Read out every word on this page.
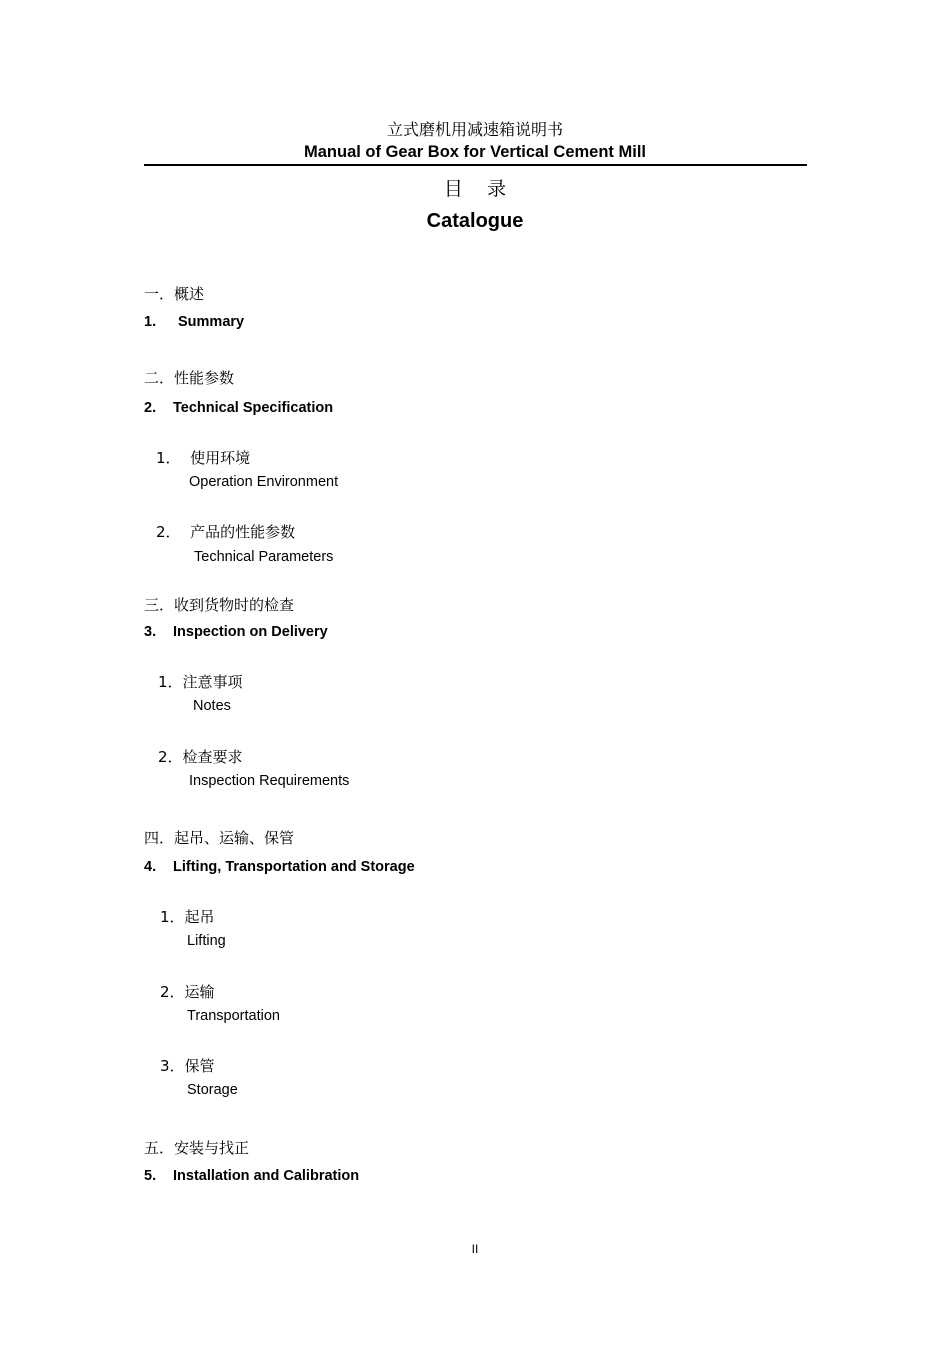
立式磨机用减速箱说明书
Manual of Gear Box for Vertical Cement Mill
目    录
Catalogue
一．概述
1. Summary
二．性能参数
2. Technical Specification
1．  使用环境
Operation Environment
2．  产品的性能参数
Technical Parameters
三．收到货物时的检查
3. Inspection on Delivery
1．注意事项
Notes
2．检查要求
Inspection Requirements
四．起吊、运输、保管
4. Lifting, Transportation and Storage
1．起吊
Lifting
2．运输
Transportation
3．保管
Storage
五．安装与找正
5. Installation and Calibration
II
